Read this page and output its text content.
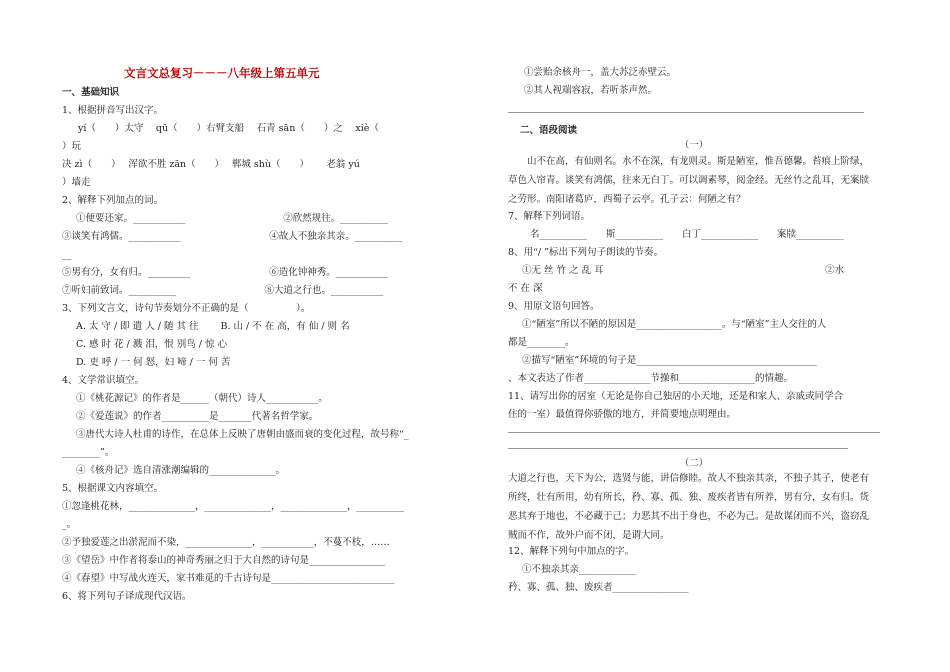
文言文总复习－－－八年级上第五单元
一、基础知识
1、根据拼音写出汉字。
yí（　　）太守　 qū（　　）右臂支船　 石青 sān（　　）之　 xiè（
）玩
决 zì（　　）　 浑欲不胜 zān（　　）　 郸城 shù（　　）　　 老翁 yú
）墙走
2、解释下列加点的词。
①便要还家。___________　　　　　　　　　　 ②欣然规往。__________
③谈笑有鸿儒。___________　　　　　　　　　 ④故人不独亲其亲。__________
__
⑤男有分，女有归。_________　　　　　　　　 ⑥造化钟神秀。___________
⑦听妇前致词。__________　　　　　　　　　 ⑧大道之行也。___________
3、下列文言文，诗句节奏划分不正确的是（　　　　　）。
A. 太 守 / 即 遣 人 / 随 其 往　　 B. 山 / 不 在 高，有 仙 / 则 名
C. 感 时 花 / 溅 泪，恨 别鸟 / 惊 心
D. 吏 呼 / 一 何 怒，妇 啼 / 一 何 苦
4、文学常识填空。
①《桃花源记》的作者是______（朝代）诗人___________。
②《爱莲说》的作者__________是_______代著名哲学家。
③唐代大诗人杜甫的诗作，在总体上反映了唐朝由盛而衰的变化过程，故号称“_
________”。
④《核舟记》选自清涨潮编辑的______________。
5、根据课文内容填空。
①忽逢桃花林，______________，______________，______________，__________
_。
②予独爱莲之出淤泥而不染，______________，___________，不蔓不枝，……
③《望岳》中作者将泰山的神奇秀丽之归于大自然的诗句是________________
④《春望》中写战火连天，家书难觅的千古诗句是__________________________
6、将下列句子译成现代汉语。
①尝贻余核舟一，盖大苏泛赤壁云。
②其人视端容寂，若听茶声然。
二、语段阅读
（一）
山不在高，有仙则名。水不在深，有龙则灵。斯是陋室，惟吾德馨。苔痕上阶绿，草色入帘青。谈笑有鸿儒，往来无白丁。可以调素琴，阅金经。无丝竹之乱耳，无案牍之劳形。南阳诸葛庐，西蜀子云亭。孔子云：何陋之有？
7、解释下列词语。
　　 名__________　　斯__________　　白丁____________　　案牍__________
8、用“/ ”标出下列句子朗读的节奏。
①无 丝 竹 之 乱 耳　　　　　　　　　　　　　　　　　　　　　　　 ②水
不 在 深
9、用原文语句回答。
①“陋室”所以不陋的原因是__________________。与“陋室”主人交往的人
都是________。
②描写“陋室”环境的句子是______________________________________
、本文表达了作者______________节操和________________的情趣。
11、请写出你的居室（无论是你自己独居的小天地，还是和家人、亲戚或同学合
住的一室）最值得你骄傲的地方，并简要地点明理由。
（二）
大道之行也，天下为公，选贤与能，讲信修睦。故人不独亲其亲，不独子其子，使老有所终，壮有所用，幼有所长，矜、寡、孤、独、废疾者皆有所养，男有分，女有归。货恶其弃于地也，不必藏于己；力恶其不出于身也，不必为己。是故谋闭而不兴，盗窃乱贼而不作，故外户而不闭，是谓大同。
12、解释下列句中加点的字。
①不独亲其亲____________
矜、寡、孤、独、废疾者________________
